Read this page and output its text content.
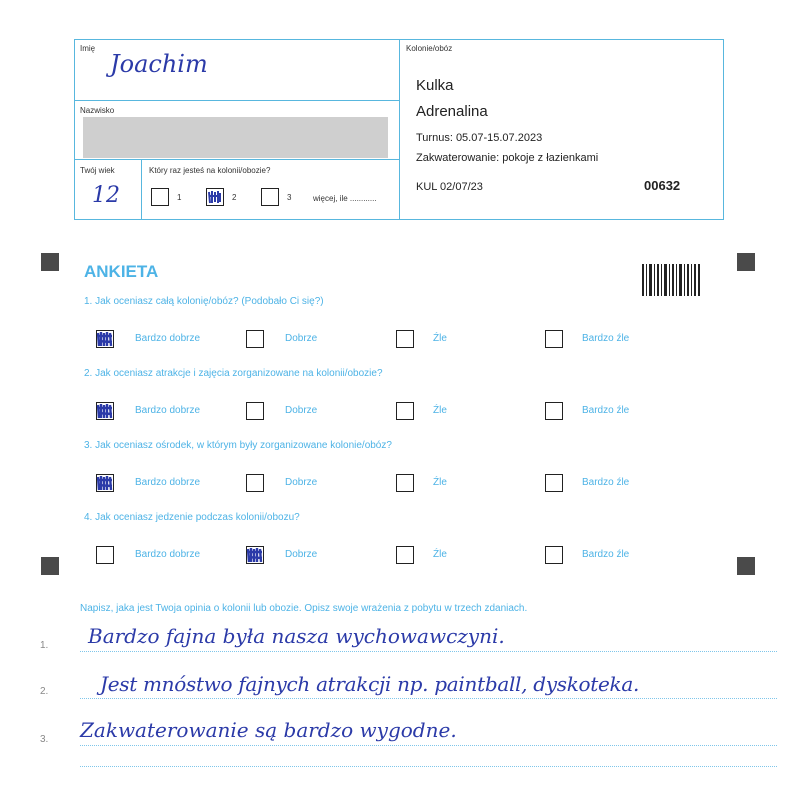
Imię
Joachim
Nazwisko
Twój wiek
12
Który raz jesteś na kolonii/obozie?
1	2	3	więcej, ile ............
Kolonie/obóz
Kulka
Adrenalina
Turnus: 05.07-15.07.2023
Zakwaterowanie: pokoje z łazienkami
KUL 02/07/23	00632
ANKIETA
1. Jak oceniasz całą kolonię/obóz? (Podobało Ci się?)
Bardzo dobrze	Dobrze	Źle	Bardzo źle
2. Jak oceniasz atrakcje i zajęcia zorganizowane na kolonii/obozie?
Bardzo dobrze	Dobrze	Źle	Bardzo źle
3. Jak oceniasz ośrodek, w którym były zorganizowane kolonie/obóz?
Bardzo dobrze	Dobrze	Źle	Bardzo źle
4. Jak oceniasz jedzenie podczas kolonii/obozu?
Bardzo dobrze	Dobrze	Źle	Bardzo źle
Napisz, jaka jest Twoja opinia o kolonii lub obozie. Opisz swoje wrażenia z pobytu w trzech zdaniach.
1.
2.
3.
Bardzo fajna była nasza wychowawczyni.
Jest mnóstwo fajnych atrakcji np. paintball, dyskoteka.
Zakwaterowanie są bardzo wygodne.
